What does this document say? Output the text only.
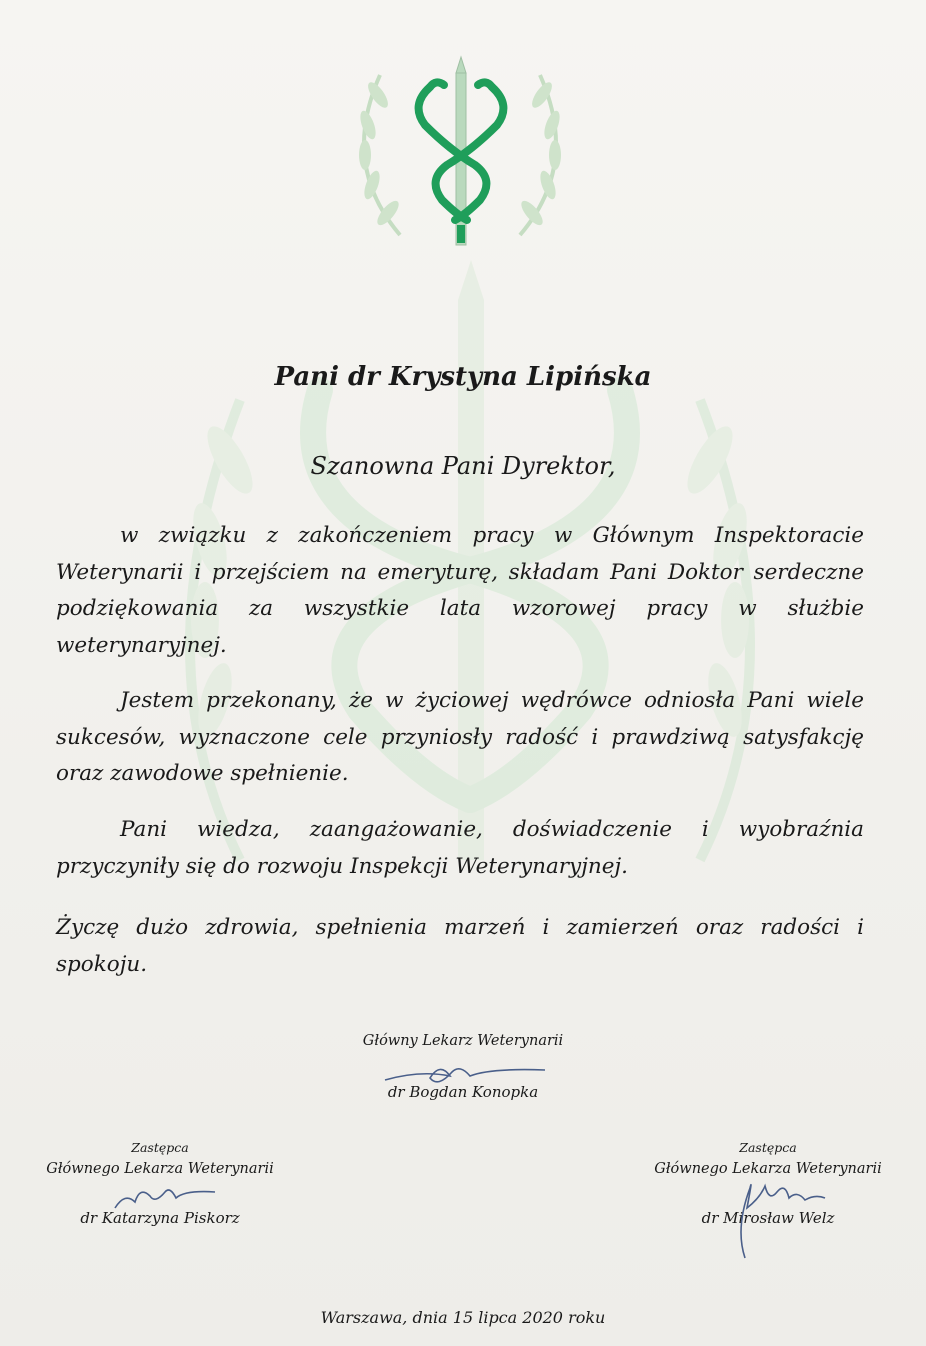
Pani dr Krystyna Lipińska
Szanowna Pani Dyrektor,
w związku z zakończeniem pracy w Głównym Inspektoracie Weterynarii i przejściem na emeryturę, składam Pani Doktor serdeczne podziękowania za wszystkie lata wzorowej pracy w służbie weterynaryjnej.
Jestem przekonany, że w życiowej wędrówce odniosła Pani wiele sukcesów, wyznaczone cele przyniosły radość i prawdziwą satysfakcję oraz zawodowe spełnienie.
Pani wiedza, zaangażowanie, doświadczenie i wyobraźnia przyczyniły się do rozwoju Inspekcji Weterynaryjnej.
Życzę dużo zdrowia, spełnienia marzeń i zamierzeń oraz radości i spokoju.
Główny Lekarz Weterynarii
dr Bogdan Konopka
Zastępca
Głównego Lekarza Weterynarii
dr Katarzyna Piskorz
Zastępca
Głównego Lekarza Weterynarii
dr Mirosław Welz
Warszawa, dnia 15 lipca 2020 roku
